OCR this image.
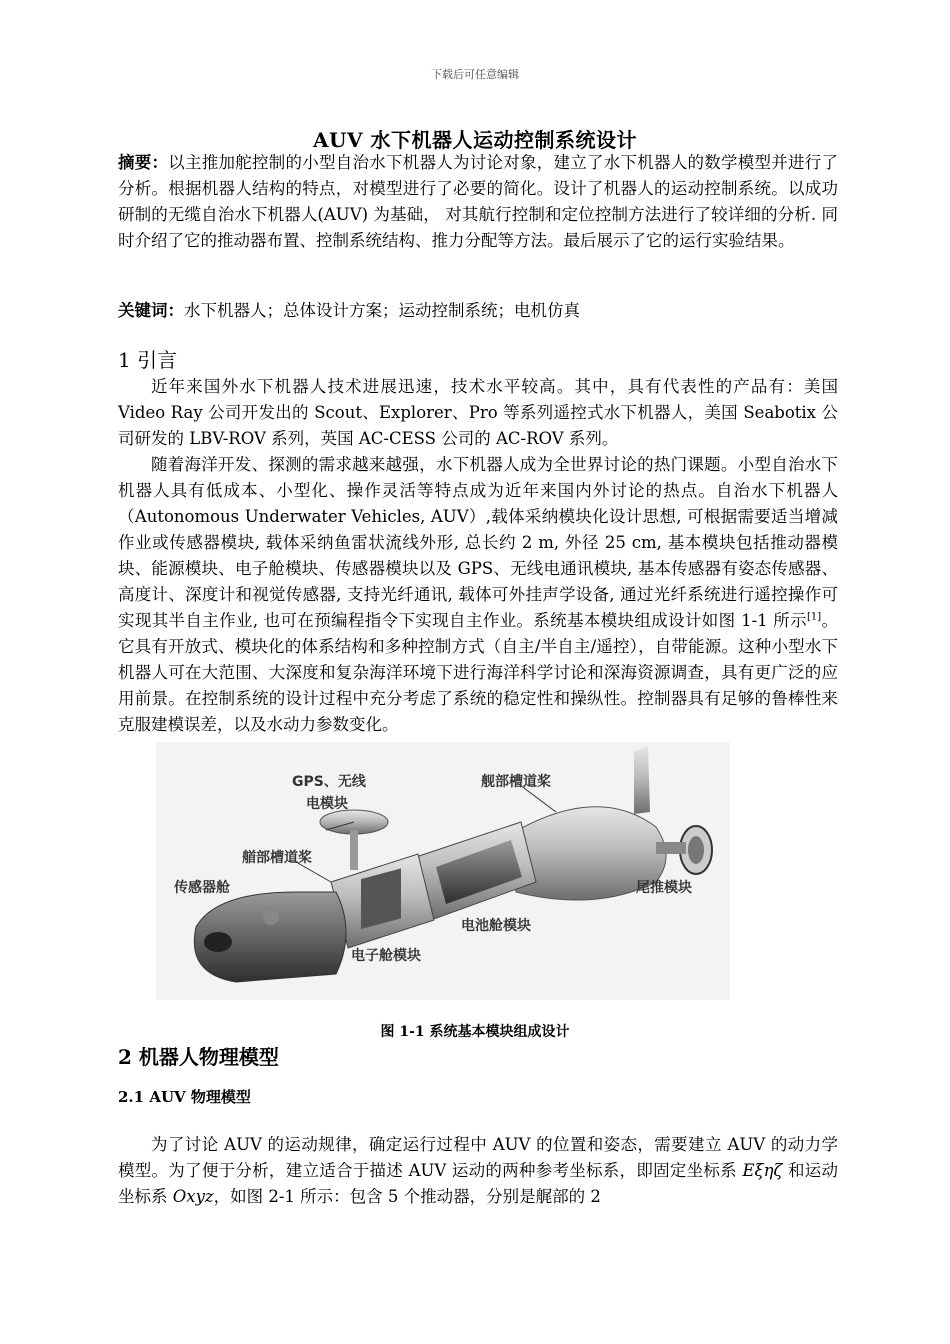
下载后可任意编辑
AUV 水下机器人运动控制系统设计
摘要：以主推加舵控制的小型自治水下机器人为讨论对象，建立了水下机器人的数学模型并进行了分析。根据机器人结构的特点，对模型进行了必要的简化。设计了机器人的运动控制系统。以成功研制的无缆自治水下机器人(AUV) 为基础， 对其航行控制和定位控制方法进行了较详细的分析. 同时介绍了它的推动器布置、控制系统结构、推力分配等方法。最后展示了它的运行实验结果。
关键词：水下机器人；总体设计方案；运动控制系统；电机仿真
1 引言
近年来国外水下机器人技术进展迅速，技术水平较高。其中，具有代表性的产品有：美国 Video Ray 公司开发出的 Scout、Explorer、Pro 等系列遥控式水下机器人，美国 Seabotix 公司研发的 LBV-ROV 系列，英国 AC-CESS 公司的 AC-ROV 系列。
随着海洋开发、探测的需求越来越强，水下机器人成为全世界讨论的热门课题。小型自治水下机器人具有低成本、小型化、操作灵活等特点成为近年来国内外讨论的热点。自治水下机器人（Autonomous Underwater Vehicles, AUV）,载体采纳模块化设计思想, 可根据需要适当增减作业或传感器模块, 载体采纳鱼雷状流线外形, 总长约 2 m, 外径 25 cm, 基本模块包括推动器模块、能源模块、电子舱模块、传感器模块以及 GPS、无线电通讯模块, 基本传感器有姿态传感器、高度计、深度计和视觉传感器, 支持光纤通讯, 载体可外挂声学设备, 通过光纤系统进行遥控操作可实现其半自主作业, 也可在预编程指令下实现自主作业。系统基本模块组成设计如图 1-1 所示[1]。它具有开放式、模块化的体系结构和多种控制方式（自主/半自主/遥控），自带能源。这种小型水下机器人可在大范围、大深度和复杂海洋环境下进行海洋科学讨论和深海资源调查，具有更广泛的应用前景。在控制系统的设计过程中充分考虑了系统的稳定性和操纵性。控制器具有足够的鲁棒性来克服建模误差，以及水动力参数变化。
GPS、无线
电模块
舰部槽道桨
艏部槽道桨
传感器舱
电池舱模块
尾推模块
电子舱模块
图 1-1 系统基本模块组成设计
2 机器人物理模型
2.1 AUV 物理模型
为了讨论 AUV 的运动规律，确定运行过程中 AUV 的位置和姿态，需要建立 AUV 的动力学模型。为了便于分析，建立适合于描述 AUV 运动的两种参考坐标系，即固定坐标系 Eξηζ 和运动坐标系 Oxyz，如图 2-1 所示：包含 5 个推动器，分别是艉部的 2
